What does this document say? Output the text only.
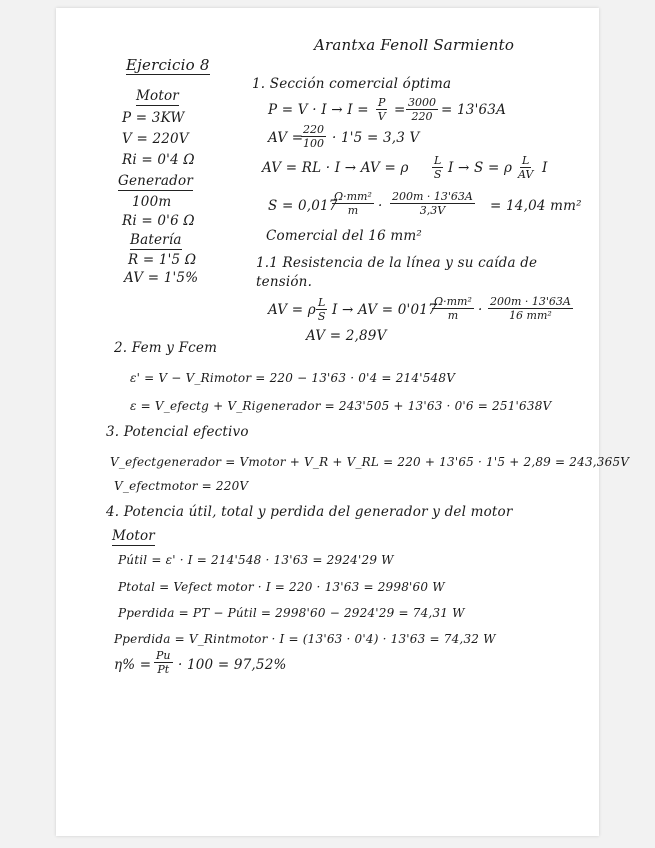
Arantxa Fenoll Sarmiento
Ejercicio 8
Motor
P = 3KW
V = 220V
Ri = 0'4 Ω
Generador
100m
Ri = 0'6 Ω
Batería
R = 1'5 Ω
AV = 1'5%
1. Sección comercial óptima
$P = V \cdot I \to I = \frac{P}{V} = \frac{3000}{220} = 13'63A$
AV =
$\frac{220}{100} \cdot 1'5 = 3,3$ V
AV = RL · I → AV = ρ $\frac{L}{S}$ I → S = ρ $\frac{L}{AV}$ I
S = 0,017
$\frac{\text{Ω·mm²}}{m} \cdot \frac{200m \cdot 13'63A}{3,3V} = 14,04$ mm²
Comercial del 16 mm²
1.1 Resistencia de la línea y su caída de
tensión.
AV = ρ $\frac{L}{S}$ I → AV = 0'017
$\frac{\text{Ω·mm²}}{m} \cdot \frac{200m \cdot 13'63A}{\text{16 mm²}}$
AV = 2,89V
2. Fem y Fcem
ε' = V − V_Rimotor = 220 − 13'63 · 0'4 = 214'548V
ε = V_efectg + V_Rigenerador = 243'505 + 13'63 · 0'6 = 251'638V
3. Potencial efectivo
V_efectgenerador = Vmotor + V_R + V_RL = 220 + 13'65 · 1'5 + 2,89 = 243,365V
V_efectmotor = 220V
4. Potencia útil, total y perdida del generador y del motor
Motor
Pútil = ε' · I = 214'548 · 13'63 = 2924'29 W
Ptotal = Vefect motor · I = 220 · 13'63 = 2998'60 W
Pperdida = PT − Pútil = 2998'60 − 2924'29 = 74,31 W
Pperdida = V_Rintmotor · I = (13'63 · 0'4) · 13'63 = 74,32 W
$\eta\% = \frac{Pu}{Pt} \cdot 100 = 97,52\%$
